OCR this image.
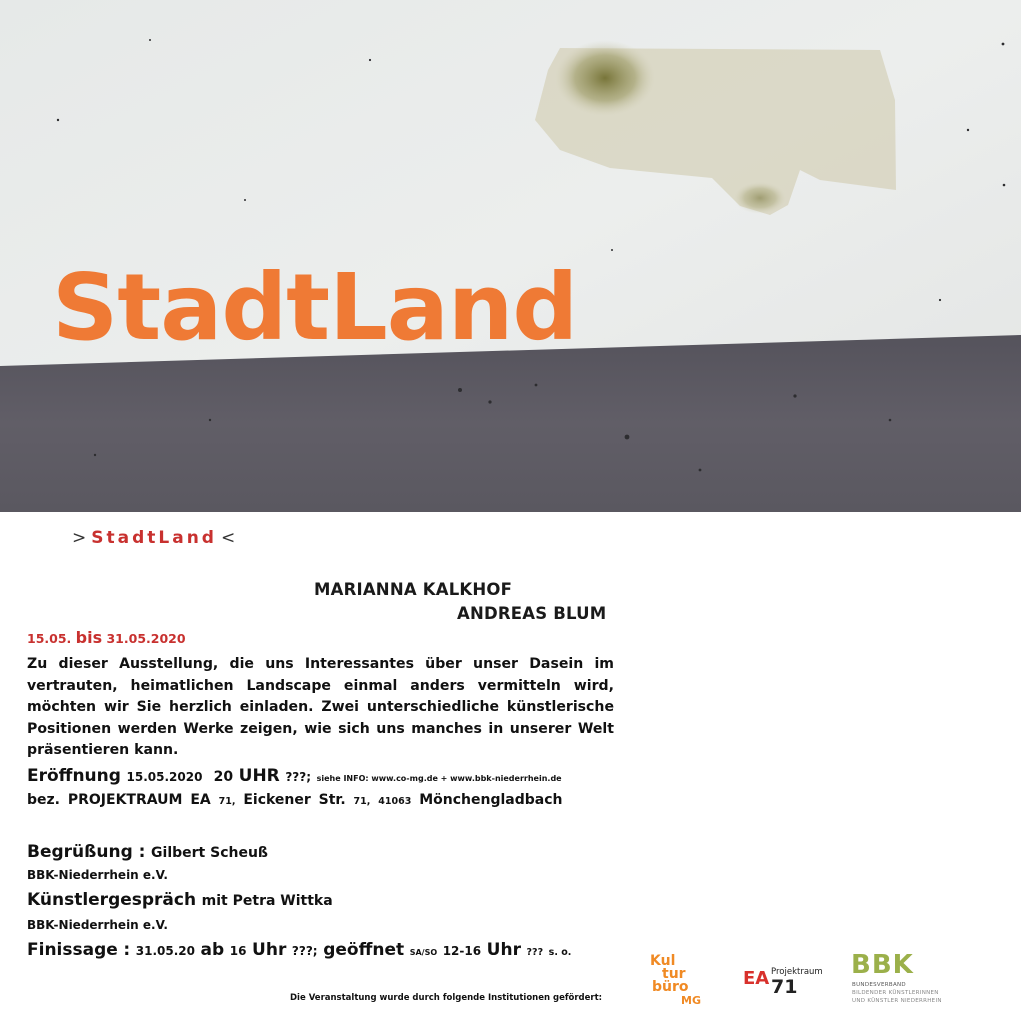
StadtLand
> StadtLand <
MARIANNA KALKHOF
ANDREAS BLUM
15.05. bis 31.05.2020
Zu dieser Ausstellung, die uns Interessantes über unser Dasein im vertrauten, heimatlichen Landscape einmal anders vermitteln wird, möchten wir Sie herzlich einladen. Zwei unterschiedliche künstlerische Positionen werden Werke zeigen, wie sich uns manches in unserer Welt präsentieren kann.
Eröffnung 15.05.2020 20 UHR ???; siehe INFO: www.co-mg.de + www.bbk-niederrhein.de
bez. PROJEKTRAUM EA 71, Eickener Str. 71, 41063 Mönchengladbach
Begrüßung : Gilbert Scheuß
BBK-Niederrhein e.V.
Künstlergespräch mit Petra Wittka
BBK-Niederrhein e.V.
Finissage : 31.05.20 ab 16 Uhr ???; geöffnet SA/SO 12-16 Uhr ??? s. o.
Die Veranstaltung wurde durch folgende Institutionen gefördert:
Kul
tur
büro
MG
EA Projektraum
71
BBK
BUNDESVERBAND
BILDENDER KÜNSTLERINNEN
UND KÜNSTLER NIEDERRHEIN
